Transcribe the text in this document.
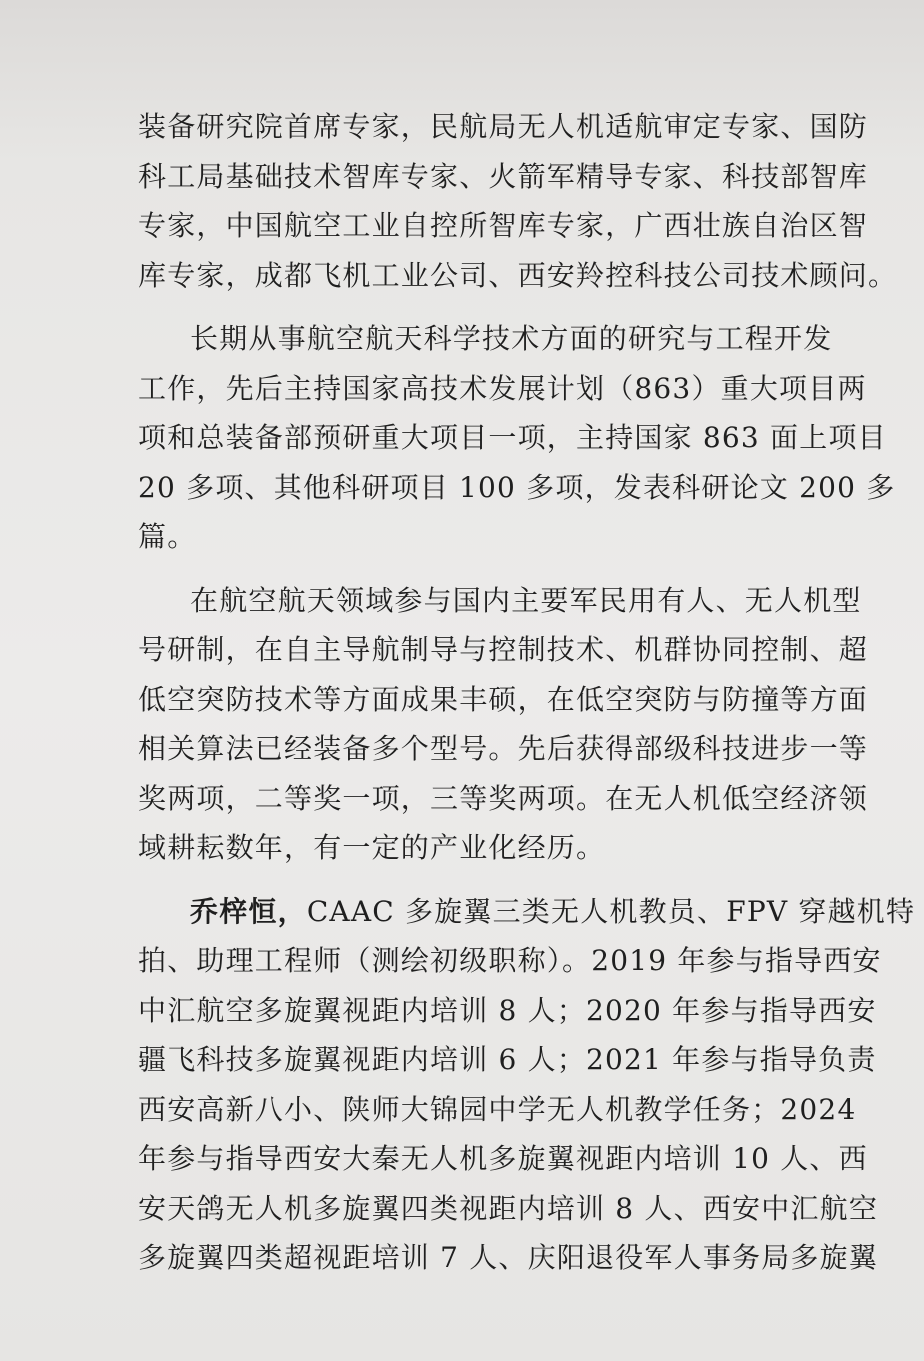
装备研究院首席专家，民航局无人机适航审定专家、国防
科工局基础技术智库专家、火箭军精导专家、科技部智库
专家，中国航空工业自控所智库专家，广西壮族自治区智
库专家，成都飞机工业公司、西安羚控科技公司技术顾问。
长期从事航空航天科学技术方面的研究与工程开发
工作，先后主持国家高技术发展计划（863）重大项目两
项和总装备部预研重大项目一项，主持国家 863 面上项目
20 多项、其他科研项目 100 多项，发表科研论文 200 多
篇。
在航空航天领域参与国内主要军民用有人、无人机型
号研制，在自主导航制导与控制技术、机群协同控制、超
低空突防技术等方面成果丰硕，在低空突防与防撞等方面
相关算法已经装备多个型号。先后获得部级科技进步一等
奖两项，二等奖一项，三等奖两项。在无人机低空经济领
域耕耘数年，有一定的产业化经历。
乔梓恒，CAAC 多旋翼三类无人机教员、FPV 穿越机特
拍、助理工程师（测绘初级职称）。2019 年参与指导西安
中汇航空多旋翼视距内培训 8 人；2020 年参与指导西安
疆飞科技多旋翼视距内培训 6 人；2021 年参与指导负责
西安高新八小、陕师大锦园中学无人机教学任务；2024
年参与指导西安大秦无人机多旋翼视距内培训 10 人、西
安天鸽无人机多旋翼四类视距内培训 8 人、西安中汇航空
多旋翼四类超视距培训 7 人、庆阳退役军人事务局多旋翼
